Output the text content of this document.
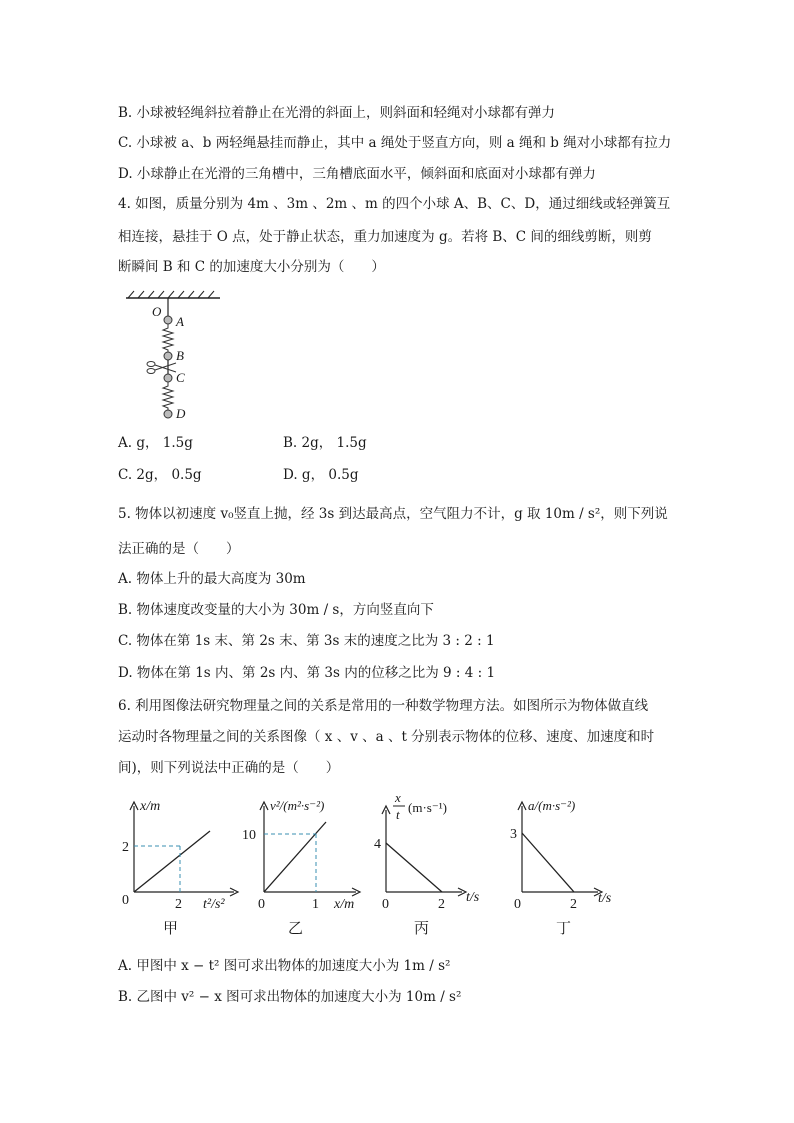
B. 小球被轻绳斜拉着静止在光滑的斜面上，则斜面和轻绳对小球都有弹力
C. 小球被 a、b 两轻绳悬挂而静止，其中 a 绳处于竖直方向，则 a 绳和 b 绳对小球都有拉力
D. 小球静止在光滑的三角槽中，三角槽底面水平，倾斜面和底面对小球都有弹力
4. 如图，质量分别为 4m 、3m 、2m 、m 的四个小球 A、B、C、D，通过细线或轻弹簧互
相连接，悬挂于 O 点，处于静止状态，重力加速度为 g。若将 B、C 间的细线剪断，则剪
断瞬间 B 和 C 的加速度大小分别为（　　）
O
A
B
C
D
A. g， 1.5g	B. 2g， 1.5g
C. 2g， 0.5g	D. g， 0.5g
5. 物体以初速度 v₀竖直上抛，经 3s 到达最高点，空气阻力不计，g 取 10m / s²，则下列说
法正确的是（　　）
A. 物体上升的最大高度为 30m
B. 物体速度改变量的大小为 30m / s，方向竖直向下
C. 物体在第 1s 末、第 2s 末、第 3s 末的速度之比为 3 : 2 : 1
D. 物体在第 1s 内、第 2s 内、第 3s 内的位移之比为 9 : 4 : 1
6. 利用图像法研究物理量之间的关系是常用的一种数学物理方法。如图所示为物体做直线
运动时各物理量之间的关系图像（ x 、v 、a 、t 分别表示物体的位移、速度、加速度和时
间)，则下列说法中正确的是（　　）
x/m
2
0	2 t²/s²
甲
v²/(m²·s⁻²)
10
0	1 x/m
乙
x
t (m·s⁻¹)
4
0	2 t/s
丙
a/(m·s⁻²)
3
0	2 t/s
丁
A. 甲图中 x − t² 图可求出物体的加速度大小为 1m / s²
B. 乙图中 v² − x 图可求出物体的加速度大小为 10m / s²
